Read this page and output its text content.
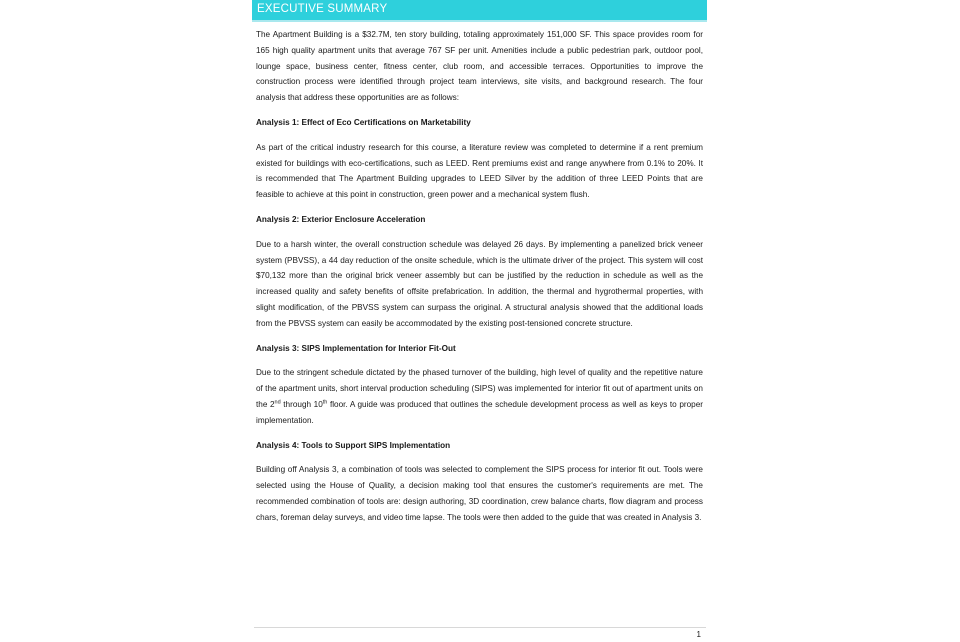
EXECUTIVE SUMMARY

The Apartment Building is a $32.7M, ten story building, totaling approximately 151,000 SF. This space provides room for 165 high quality apartment units that average 767 SF per unit. Amenities include a public pedestrian park, outdoor pool, lounge space, business center, fitness center, club room, and accessible terraces. Opportunities to improve the construction process were identified through project team interviews, site visits, and background research. The four analysis that address these opportunities are as follows:

Analysis 1: Effect of Eco Certifications on Marketability

As part of the critical industry research for this course, a literature review was completed to determine if a rent premium existed for buildings with eco-certifications, such as LEED. Rent premiums exist and range anywhere from 0.1% to 20%. It is recommended that The Apartment Building upgrades to LEED Silver by the addition of three LEED Points that are feasible to achieve at this point in construction, green power and a mechanical system flush.

Analysis 2: Exterior Enclosure Acceleration

Due to a harsh winter, the overall construction schedule was delayed 26 days. By implementing a panelized brick veneer system (PBVSS), a 44 day reduction of the onsite schedule, which is the ultimate driver of the project. This system will cost $70,132 more than the original brick veneer assembly but can be justified by the reduction in schedule as well as the increased quality and safety benefits of offsite prefabrication. In addition, the thermal and hygrothermal properties, with slight modification, of the PBVSS system can surpass the original. A structural analysis showed that the additional loads from the PBVSS system can easily be accommodated by the existing post-tensioned concrete structure.

Analysis 3: SIPS Implementation for Interior Fit-Out

Due to the stringent schedule dictated by the phased turnover of the building, high level of quality and the repetitive nature of the apartment units, short interval production scheduling (SIPS) was implemented for interior fit out of apartment units on the 2nd through 10th floor. A guide was produced that outlines the schedule development process as well as keys to proper implementation.

Analysis 4: Tools to Support SIPS Implementation

Building off Analysis 3, a combination of tools was selected to complement the SIPS process for interior fit out. Tools were selected using the House of Quality, a decision making tool that ensures the customer's requirements are met. The recommended combination of tools are: design authoring, 3D coordination, crew balance charts, flow diagram and process chars, foreman delay surveys, and video time lapse. The tools were then added to the guide that was created in Analysis 3.

1
